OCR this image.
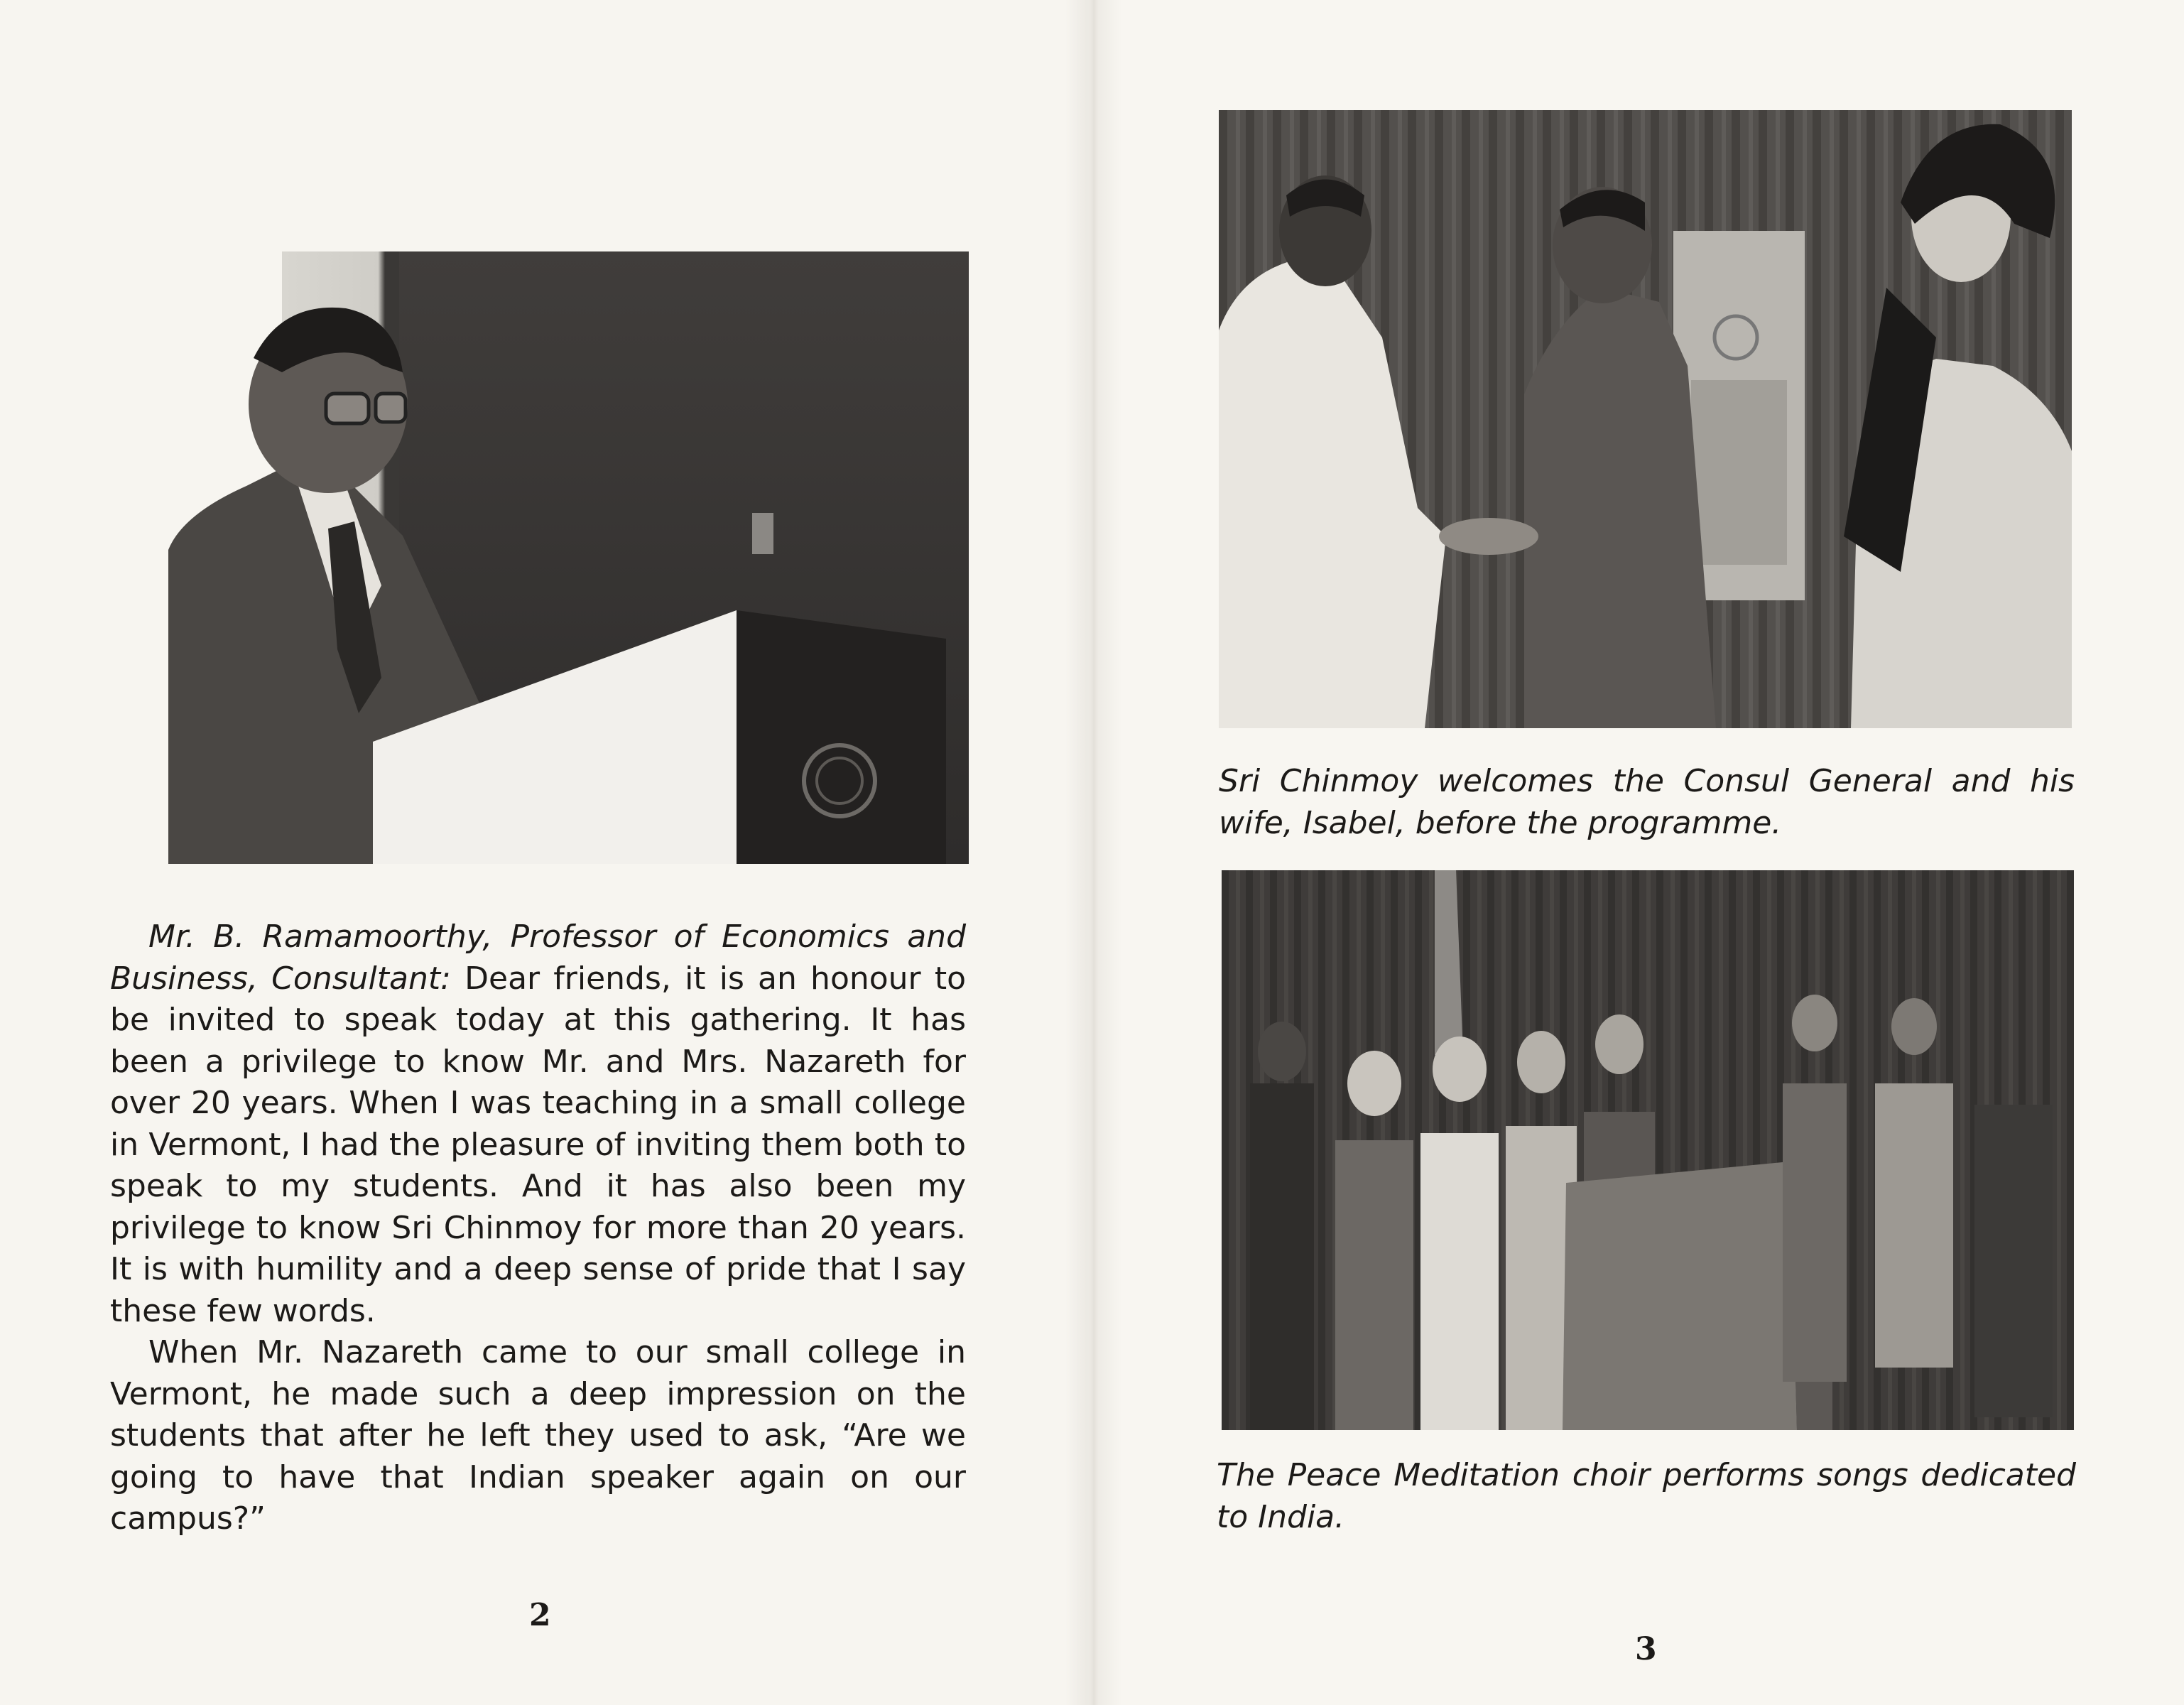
Mr. B. Ramamoorthy, Professor of Economics and Business, Consultant: Dear friends, it is an honour to be invited to speak today at this gathering. It has been a privilege to know Mr. and Mrs. Nazareth for over 20 years. When I was teaching in a small college in Vermont, I had the pleasure of inviting them both to speak to my students. And it has also been my privilege to know Sri Chinmoy for more than 20 years. It is with humility and a deep sense of pride that I say these few words.

When Mr. Nazareth came to our small college in Vermont, he made such a deep impression on the students that after he left they used to ask, “Are we going to have that Indian speaker again on our campus?”

2
Sri Chinmoy welcomes the Consul General and his wife, Isabel, before the programme.
The Peace Meditation choir performs songs dedicated to India.
3
